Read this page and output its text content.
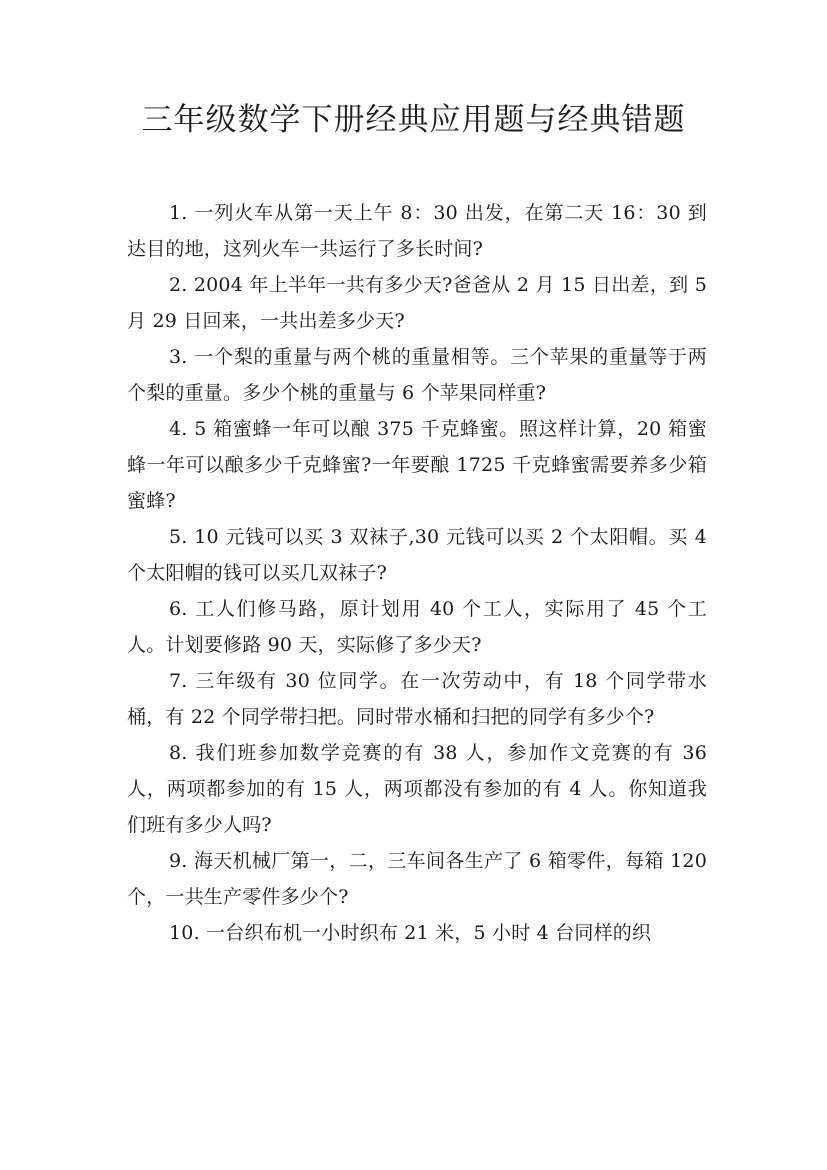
三年级数学下册经典应用题与经典错题

1. 一列火车从第一天上午 8：30 出发，在第二天 16：30 到达目的地，这列火车一共运行了多长时间?

2. 2004 年上半年一共有多少天?爸爸从 2 月 15 日出差，到 5 月 29 日回来，一共出差多少天?

3. 一个梨的重量与两个桃的重量相等。三个苹果的重量等于两个梨的重量。多少个桃的重量与 6 个苹果同样重?

4. 5 箱蜜蜂一年可以酿 375 千克蜂蜜。照这样计算，20 箱蜜蜂一年可以酿多少千克蜂蜜?一年要酿 1725 千克蜂蜜需要养多少箱蜜蜂?

5. 10 元钱可以买 3 双袜子,30 元钱可以买 2 个太阳帽。买 4 个太阳帽的钱可以买几双袜子?

6. 工人们修马路，原计划用 40 个工人，实际用了 45 个工人。计划要修路 90 天，实际修了多少天?

7. 三年级有 30 位同学。在一次劳动中，有 18 个同学带水桶，有 22 个同学带扫把。同时带水桶和扫把的同学有多少个?

8. 我们班参加数学竞赛的有 38 人，参加作文竞赛的有 36 人，两项都参加的有 15 人，两项都没有参加的有 4 人。你知道我们班有多少人吗?

9. 海天机械厂第一，二，三车间各生产了 6 箱零件，每箱 120 个，一共生产零件多少个?

10. 一台织布机一小时织布 21 米，5 小时 4 台同样的织
